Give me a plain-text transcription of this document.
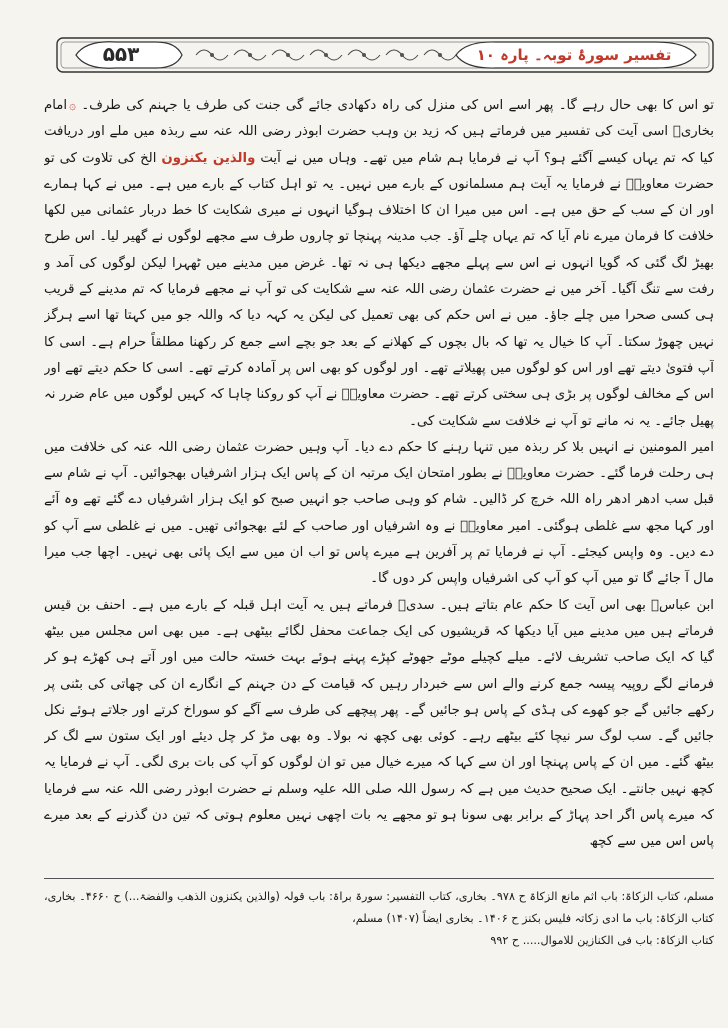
۵۵۳	تفسیر سورۂ توبہ۔ پارہ ۱۰

تو اس کا بھی حال رہے گا۔ پھر اسے اس کی منزل کی راہ دکھادی جائے گی جنت کی طرف یا جہنم کی طرف۔ ۞امام بخاریؒ اسی آیت کی تفسیر میں فرماتے ہیں کہ زید بن وہب حضرت ابوذر رضی اللہ عنہ سے ربذہ میں ملے اور دریافت کیا کہ تم یہاں کیسے آگئے ہو؟ آپ نے فرمایا ہم شام میں تھے۔ وہاں میں نے آیت والذین یکنزون الخ کی تلاوت کی تو حضرت معاویہؓ نے فرمایا یہ آیت ہم مسلمانوں کے بارے میں نہیں۔ یہ تو اہل کتاب کے بارے میں ہے۔ میں نے کہا ہمارے اور ان کے سب کے حق میں ہے۔ اس میں میرا ان کا اختلاف ہوگیا انہوں نے میری شکایت کا خط دربار عثمانی میں لکھا خلافت کا فرمان میرے نام آیا کہ تم یہاں چلے آؤ۔ جب مدینہ پہنچا تو چاروں طرف سے مجھے لوگوں نے گھیر لیا۔ اس طرح بھیڑ لگ گئی کہ گویا انہوں نے اس سے پہلے مجھے دیکھا ہی نہ تھا۔ غرض میں مدینے میں ٹھہرا لیکن لوگوں کی آمد و رفت سے تنگ آگیا۔ آخر میں نے حضرت عثمان رضی اللہ عنہ سے شکایت کی تو آپ نے مجھے فرمایا کہ تم مدینے کے قریب ہی کسی صحرا میں چلے جاؤ۔ میں نے اس حکم کی بھی تعمیل کی لیکن یہ کہہ دیا کہ واللہ جو میں کہتا تھا اسے ہرگز نہیں چھوڑ سکتا۔ آپ کا خیال یہ تھا کہ بال بچوں کے کھلانے کے بعد جو بچے اسے جمع کر رکھنا مطلقاً حرام ہے۔ اسی کا آپ فتویٰ دیتے تھے اور اس کو لوگوں میں پھیلاتے تھے۔ اور لوگوں کو بھی اس پر آمادہ کرتے تھے۔ اسی کا حکم دیتے تھے اور اس کے مخالف لوگوں پر بڑی ہی سختی کرتے تھے۔ حضرت معاویہؓ نے آپ کو روکنا چاہا کہ کہیں لوگوں میں عام ضرر نہ پھیل جائے۔ یہ نہ مانے تو آپ نے خلافت سے شکایت کی۔

امیر المومنین نے انہیں بلا کر ربذہ میں تنہا رہنے کا حکم دے دیا۔ آپ وہیں حضرت عثمان رضی اللہ عنہ کی خلافت میں ہی رحلت فرما گئے۔ حضرت معاویہؓ نے بطور امتحان ایک مرتبہ ان کے پاس ایک ہزار اشرفیاں بھجوائیں۔ آپ نے شام سے قبل سب ادھر ادھر راہ اللہ خرچ کر ڈالیں۔ شام کو وہی صاحب جو انہیں صبح کو ایک ہزار اشرفیاں دے گئے تھے وہ آئے اور کہا مجھ سے غلطی ہوگئی۔ امیر معاویہؓ نے وہ اشرفیاں اور صاحب کے لئے بھجوائی تھیں۔ میں نے غلطی سے آپ کو دے دیں۔ وہ واپس کیجئے۔ آپ نے فرمایا تم پر آفرین ہے میرے پاس تو اب ان میں سے ایک پائی بھی نہیں۔ اچھا جب میرا مال آ جائے گا تو میں آپ کو آپ کی اشرفیاں واپس کر دوں گا۔

ابن عباسؓ بھی اس آیت کا حکم عام بتاتے ہیں۔ سدیؒ فرماتے ہیں یہ آیت اہل قبلہ کے بارے میں ہے۔ احنف بن قیس فرماتے ہیں میں مدینے میں آیا دیکھا کہ قریشیوں کی ایک جماعت محفل لگائے بیٹھی ہے۔ میں بھی اس مجلس میں بیٹھ گیا کہ ایک صاحب تشریف لائے۔ میلے کچیلے موٹے جھوٹے کپڑے پہنے ہوئے بہت خستہ حالت میں اور آتے ہی کھڑے ہو کر فرمانے لگے روپیہ پیسہ جمع کرنے والے اس سے خبردار رہیں کہ قیامت کے دن جہنم کے انگارے ان کی چھاتی کی بٹنی پر رکھے جائیں گے جو کھوے کی ہڈی کے پاس ہو جائیں گے۔ پھر پیچھے کی طرف سے آگے کو سوراخ کرتے اور جلاتے ہوئے نکل جائیں گے۔ سب لوگ سر نیچا کئے بیٹھے رہے۔ کوئی بھی کچھ نہ بولا۔ وہ بھی مڑ کر چل دیئے اور ایک ستون سے لگ کر بیٹھ گئے۔ میں ان کے پاس پہنچا اور ان سے کہا کہ میرے خیال میں تو ان لوگوں کو آپ کی بات بری لگی۔ آپ نے فرمایا یہ کچھ نہیں جانتے۔ ایک صحیح حدیث میں ہے کہ رسول اللہ صلی اللہ علیہ وسلم نے حضرت ابوذر رضی اللہ عنہ سے فرمایا کہ میرے پاس اگر احد پہاڑ کے برابر بھی سونا ہو تو مجھے یہ بات اچھی نہیں معلوم ہوتی کہ تین دن گذرنے کے بعد میرے پاس اس میں سے کچھ

مسلم، کتاب الزکاۃ: باب اثم مانع الزکاۃ ح ۹۷۸۔ بخاری، کتاب التفسیر: سورۃ براۃ: باب قولہ (والذین یکنزون الذھب والفضۃ...) ح ۴۶۶۰۔ بخاری، کتاب الزکاۃ: باب ما ادی زکاتہ فلیس بکنز ح ۱۴۰۶۔ بخاری ایضاً (۱۴۰۷) مسلم،

کتاب الزکاۃ: باب فی الکنازین للاموال..... ح ۹۹۲
